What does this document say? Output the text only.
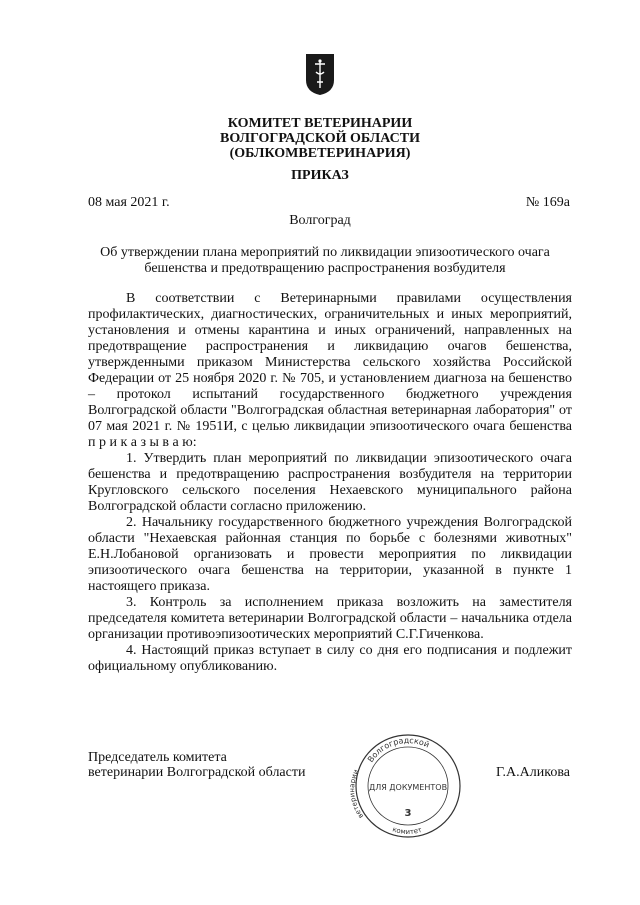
КОМИТЕТ ВЕТЕРИНАРИИ
ВОЛГОГРАДСКОЙ ОБЛАСТИ
(ОБЛКОМВЕТЕРИНАРИЯ)
ПРИКАЗ
08 мая 2021 г.	№ 169а
Волгоград
Об утверждении плана мероприятий по ликвидации эпизоотического очага бешенства и предотвращению распространения возбудителя

В соответствии с Ветеринарными правилами осуществления профилактических, диагностических, ограничительных и иных мероприятий, установления и отмены карантина и иных ограничений, направленных на предотвращение распространения и ликвидацию очагов бешенства, утвержденными приказом Министерства сельского хозяйства Российской Федерации от 25 ноября 2020 г. № 705, и установлением диагноза на бешенство – протокол испытаний государственного бюджетного учреждения Волгоградской области "Волгоградская областная ветеринарная лаборатория" от 07 мая 2021 г. № 1951И, с целью ликвидации эпизоотического очага бешенства п р и к а з ы в а ю:

1. Утвердить план мероприятий по ликвидации эпизоотического очага бешенства и предотвращению распространения возбудителя на территории Кругловского сельского поселения Нехаевского муниципального района Волгоградской области согласно приложению.

2. Начальнику государственного бюджетного учреждения Волгоградской области "Нехаевская районная станция по борьбе с болезнями животных" Е.Н.Лобановой организовать и провести мероприятия по ликвидации эпизоотического очага бешенства на территории, указанной в пункте 1 настоящего приказа.

3. Контроль за исполнением приказа возложить на заместителя председателя комитета ветеринарии Волгоградской области – начальника отдела организации противоэпизоотических мероприятий С.Г.Гиченкова.

4. Настоящий приказ вступает в силу со дня его подписания и подлежит официальному опубликованию.

Председатель комитета
ветеринарии Волгоградской области	Г.А.Аликова
Волгоградской
ветеринарии
комитет
ДЛЯ ДОКУМЕНТОВ
3
